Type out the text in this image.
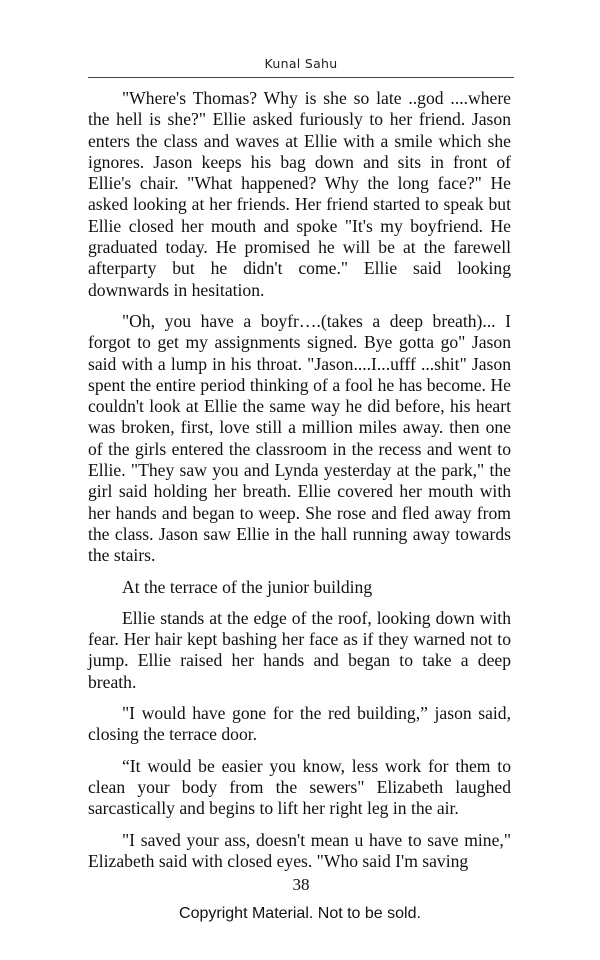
Kunal Sahu

"Where's Thomas? Why is she so late ..god ....where the hell is she?" Ellie asked furiously to her friend. Jason enters the class and waves at Ellie with a smile which she ignores. Jason keeps his bag down and sits in front of Ellie's chair. "What happened? Why the long face?" He asked looking at her friends. Her friend started to speak but Ellie closed her mouth and spoke "It's my boyfriend. He graduated today. He promised he will be at the farewell afterparty but he didn't come." Ellie said looking downwards in hesitation.

"Oh, you have a boyfr….(takes a deep breath)... I forgot to get my assignments signed. Bye gotta go" Jason said with a lump in his throat. "Jason....I...ufff ...shit" Jason spent the entire period thinking of a fool he has become. He couldn't look at Ellie the same way he did before, his heart was broken, first, love still a million miles away. then one of the girls entered the classroom in the recess and went to Ellie. "They saw you and Lynda yesterday at the park," the girl said holding her breath. Ellie covered her mouth with her hands and began to weep. She rose and fled away from the class. Jason saw Ellie in the hall running away towards the stairs.

At the terrace of the junior building

Ellie stands at the edge of the roof, looking down with fear. Her hair kept bashing her face as if they warned not to jump. Ellie raised her hands and began to take a deep breath.

"I would have gone for the red building,” jason said, closing the terrace door.

“It would be easier you know, less work for them to clean your body from the sewers" Elizabeth laughed sarcastically and begins to lift her right leg in the air.

"I saved your ass, doesn't mean u have to save mine," Elizabeth said with closed eyes. "Who said I'm saving

38
Copyright Material. Not to be sold.
